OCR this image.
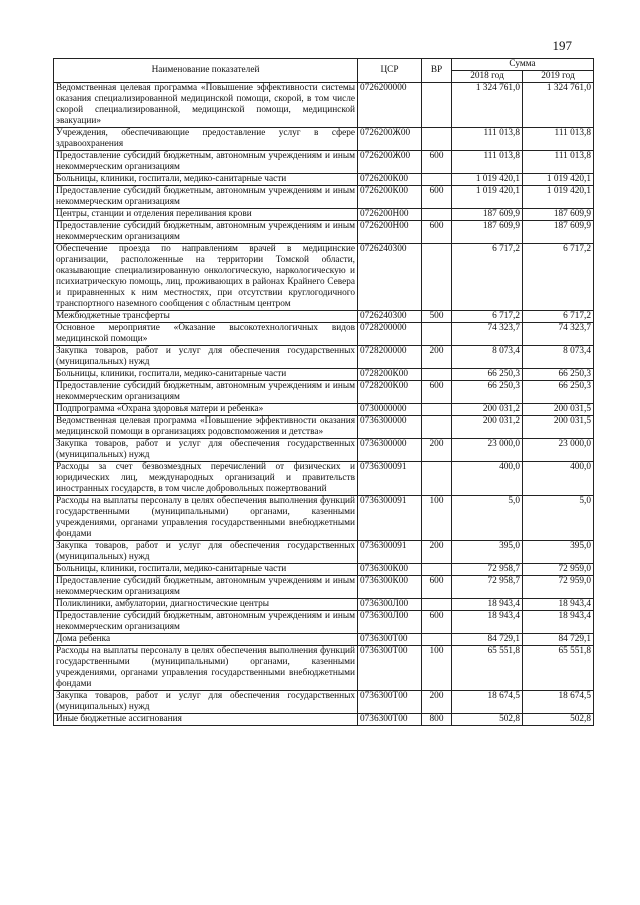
197
Наименование показателей	ЦСР	ВР	Сумма	
			2018 год	2019 год
Ведомственная целевая программа «Повышение эффективности системы оказания специализированной медицинской помощи, скорой, в том числе скорой специализированной, медицинской помощи, медицинской эвакуации»	0726200000		1 324 761,0	1 324 761,0
Учреждения, обеспечивающие предоставление услуг в сфере здравоохранения	0726200Ж00		111 013,8	111 013,8
Предоставление субсидий бюджетным, автономным учреждениям и иным некоммерческим организациям	0726200Ж00	600	111 013,8	111 013,8
Больницы, клиники, госпитали, медико-санитарные части	0726200К00		1 019 420,1	1 019 420,1
Предоставление субсидий бюджетным, автономным учреждениям и иным некоммерческим организациям	0726200К00	600	1 019 420,1	1 019 420,1
Центры, станции и отделения переливания крови	0726200Н00		187 609,9	187 609,9
Предоставление субсидий бюджетным, автономным учреждениям и иным некоммерческим организациям	0726200Н00	600	187 609,9	187 609,9
Обеспечение проезда по направлениям врачей в медицинские организации, расположенные на территории Томской области, оказывающие специализированную онкологическую, наркологическую и психиатрическую помощь, лиц, проживающих в районах Крайнего Севера и приравненных к ним местностях, при отсутствии круглогодичного транспортного наземного сообщения с областным центром	0726240300		6 717,2	6 717,2
Межбюджетные трансферты	0726240300	500	6 717,2	6 717,2
Основное мероприятие «Оказание высокотехнологичных видов медицинской помощи»	0728200000		74 323,7	74 323,7
Закупка товаров, работ и услуг для обеспечения государственных (муниципальных) нужд	0728200000	200	8 073,4	8 073,4
Больницы, клиники, госпитали, медико-санитарные части	0728200К00		66 250,3	66 250,3
Предоставление субсидий бюджетным, автономным учреждениям и иным некоммерческим организациям	0728200К00	600	66 250,3	66 250,3
Подпрограмма «Охрана здоровья матери и ребенка»	0730000000		200 031,2	200 031,5
Ведомственная целевая программа «Повышение эффективности оказания медицинской помощи в организациях родовспоможения и детства»	0736300000		200 031,2	200 031,5
Закупка товаров, работ и услуг для обеспечения государственных (муниципальных) нужд	0736300000	200	23 000,0	23 000,0
Расходы за счет безвозмездных перечислений от физических и юридических лиц, международных организаций и правительств иностранных государств, в том числе добровольных пожертвований	0736300091		400,0	400,0
Расходы на выплаты персоналу в целях обеспечения выполнения функций государственными (муниципальными) органами, казенными учреждениями, органами управления государственными внебюджетными фондами	0736300091	100	5,0	5,0
Закупка товаров, работ и услуг для обеспечения государственных (муниципальных) нужд	0736300091	200	395,0	395,0
Больницы, клиники, госпитали, медико-санитарные части	0736300К00		72 958,7	72 959,0
Предоставление субсидий бюджетным, автономным учреждениям и иным некоммерческим организациям	0736300К00	600	72 958,7	72 959,0
Поликлиники, амбулатории, диагностические центры	0736300Л00		18 943,4	18 943,4
Предоставление субсидий бюджетным, автономным учреждениям и иным некоммерческим организациям	0736300Л00	600	18 943,4	18 943,4
Дома ребенка	0736300Т00		84 729,1	84 729,1
Расходы на выплаты персоналу в целях обеспечения выполнения функций государственными (муниципальными) органами, казенными учреждениями, органами управления государственными внебюджетными фондами	0736300Т00	100	65 551,8	65 551,8
Закупка товаров, работ и услуг для обеспечения государственных (муниципальных) нужд	0736300Т00	200	18 674,5	18 674,5
Иные бюджетные ассигнования	0736300Т00	800	502,8	502,8
